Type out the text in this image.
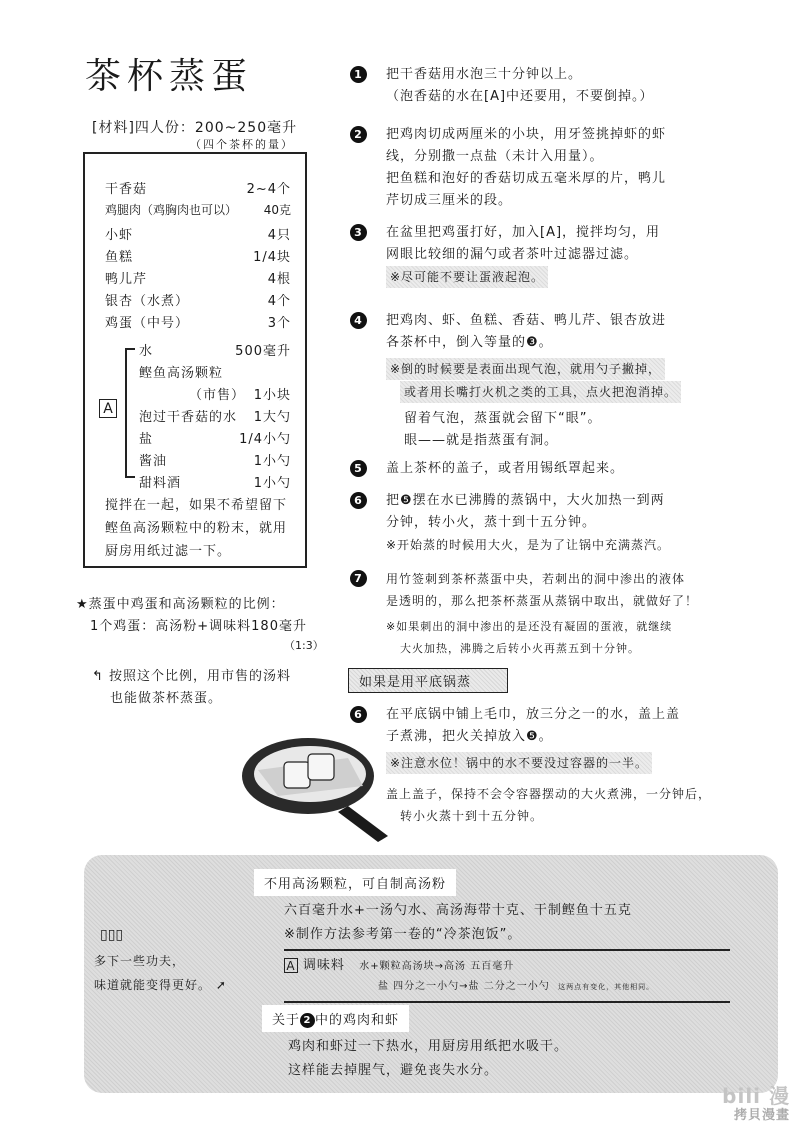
茶杯蒸蛋
[材料]四人份：200~250毫升
（四个茶杯的量）
干香菇	2~4个
鸡腿肉（鸡胸肉也可以） 40克
小虾	4只
鱼糕	1/4块
鸭儿芹	4根
银杏（水煮）	4个
鸡蛋（中号）	3个
A
水	500毫升
鲣鱼高汤颗粒
（市售） 1小块
泡过干香菇的水 1大勺
盐	1/4小勺
酱油	1小勺
甜料酒	1小勺
搅拌在一起，如果不希望留下鲣鱼高汤颗粒中的粉末，就用厨房用纸过滤一下。
★蒸蛋中鸡蛋和高汤颗粒的比例：
1个鸡蛋：高汤粉+调味料180毫升
（1:3）
↰ 按照这个比例，用市售的汤料
也能做茶杯蒸蛋。
1	把干香菇用水泡三十分钟以上。
（泡香菇的水在[A]中还要用，不要倒掉。）
2	把鸡肉切成两厘米的小块，用牙签挑掉虾的虾
线，分别撒一点盐（未计入用量）。
把鱼糕和泡好的香菇切成五毫米厚的片，鸭儿
芹切成三厘米的段。
3	在盆里把鸡蛋打好，加入[A]，搅拌均匀，用
网眼比较细的漏勺或者茶叶过滤器过滤。
※尽可能不要让蛋液起泡。
4	把鸡肉、虾、鱼糕、香菇、鸭儿芹、银杏放进
各茶杯中，倒入等量的❸。
※倒的时候要是表面出现气泡，就用勺子撇掉，
或者用长嘴打火机之类的工具，点火把泡消掉。
留着气泡，蒸蛋就会留下“眼”。
眼——就是指蒸蛋有洞。
5	盖上茶杯的盖子，或者用锡纸罩起来。
6	把❺摆在水已沸腾的蒸锅中，大火加热一到两
分钟，转小火，蒸十到十五分钟。
※开始蒸的时候用大火，是为了让锅中充满蒸汽。
7	用竹签刺到茶杯蒸蛋中央，若刺出的洞中渗出的液体
是透明的，那么把茶杯蒸蛋从蒸锅中取出，就做好了！
※如果刺出的洞中渗出的是还没有凝固的蛋液，就继续
大火加热，沸腾之后转小火再蒸五到十分钟。
如果是用平底锅蒸
6	在平底锅中铺上毛巾，放三分之一的水，盖上盖
子煮沸，把火关掉放入❺。
※注意水位！锅中的水不要没过容器的一半。
盖上盖子，保持不会令容器摆动的大火煮沸，一分钟后，
转小火蒸十到十五分钟。
▯▯▯
多下一些功夫，
味道就能变得更好。 ➚
不用高汤颗粒，可自制高汤粉
六百毫升水+一汤勺水、高汤海带十克、干制鲣鱼十五克
※制作方法参考第一卷的“冷茶泡饭”。
A 调味料 水+颗粒高汤块→高汤 五百毫升
盐 四分之一小勺→盐 二分之一小勺 这两点有变化，其他相同。
关于 2 中的鸡肉和虾
鸡肉和虾过一下热水，用厨房用纸把水吸干。
这样能去掉腥气，避免丧失水分。
bili 漫
拷貝漫畫
